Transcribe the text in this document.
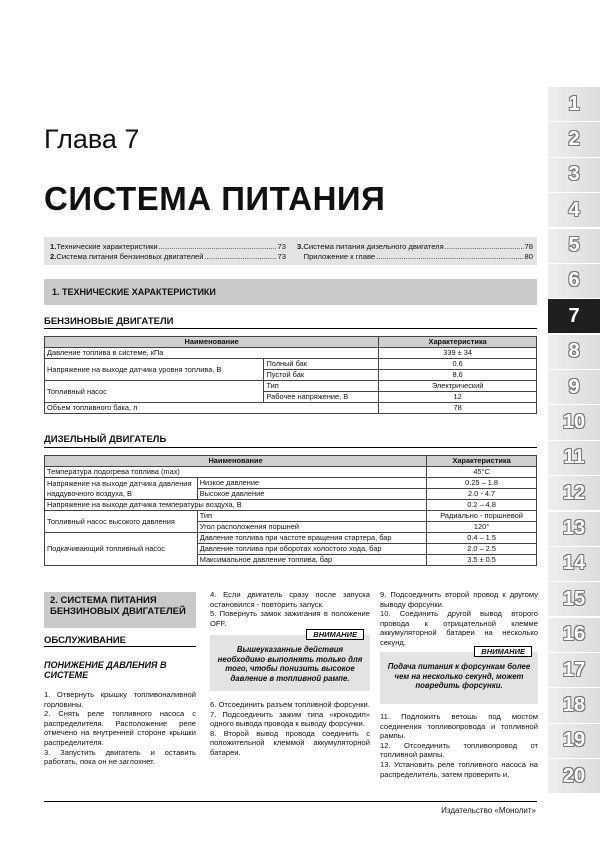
1
2
3
4
5
6
7
8
9
10
11
12
13
14
15
16
17
18
19
20
Глава 7
СИСТЕМА ПИТАНИЯ
1. Технические характеристики .....	73
2. Система питания бензиновых двигателей .....	73
3. Система питания дизельного двигателя .....	78
Приложение к главе .....	80
1. ТЕХНИЧЕСКИЕ ХАРАКТЕРИСТИКИ
БЕНЗИНОВЫЕ ДВИГАТЕЛИ
Наименование		Характеристика
Давление топлива в системе, кПа		339 ± 34
Напряжение на выходе датчика уровня топлива, В	Полный бак	0.6
	Пустой бак	8.6
Топливный насос	Тип	Электрический
	Рабочее напряжение, В	12
Объем топливного бака, л		78
ДИЗЕЛЬНЫЙ ДВИГАТЕЛЬ
Наименование		Характеристика
Температура подогрева топлива (max)		45°C
Напряжение на выходе датчика давления наддувочного воздуха, В	Низкое давление	0.25 – 1.8
	Высокое давление	2.0 - 4.7
Напряжение на выходе датчика температуры воздуха, В		0.2 – 4.8
Топливный насос высокого давления	Тип	Радиально - поршневой
	Угол расположения поршней	120°
Подкачивающий топливный насос	Давление топлива при частоте вращения стартера, бар	0.4 – 1.5
	Давление топлива при оборотах холостого хода, бар	2.0 – 2.5
	Максимальное давление топлива, бар	3.5 ± 0.5
2. СИСТЕМА ПИТАНИЯ БЕНЗИНОВЫХ ДВИГАТЕЛЕЙ
ОБСЛУЖИВАНИЕ
ПОНИЖЕНИЕ ДАВЛЕНИЯ В СИСТЕМЕ
1. Отвернуть крышку топливоналивной горловины.
2. Снять реле топливного насоса с распределителя. Расположение реле отмечено на внутренней стороне крышки распределителя.
3. Запустить двигатель и оставить работать, пока он не заглохнет.
4. Если двигатель сразу после запуска остановился - повторить запуск.
5. Повернуть замок зажигания в положение OFF.
ВНИМАНИЕ
Вышеуказанные действия необходимо выполнять только для того, чтобы понизить высокое давление в топливной рампе.
6. Отсоединить разъем топливной форсунки.
7. Подсоединить зажим типа «крокодил» одного вывода провода к выводу форсунки.
8. Второй вывод провода соединить с положительной клеммой аккумуляторной батареи.
9. Подсоединить второй провод к другому выводу форсунки.
10. Соединить другой вывод второго провода к отрицательной клемме аккумуляторной батареи на несколько секунд.
ВНИМАНИЕ
Подача питания к форсункам более чем на несколько секунд, может повредить форсунки.
11. Подложить ветошь под мостом соединения топливопровода и топливной рампы.
12. Отсоединить топливопровод от топливной рампы.
13. Установить реле топливного насоса на распределитель, затем проверить и,
Издательство «Монолит»
